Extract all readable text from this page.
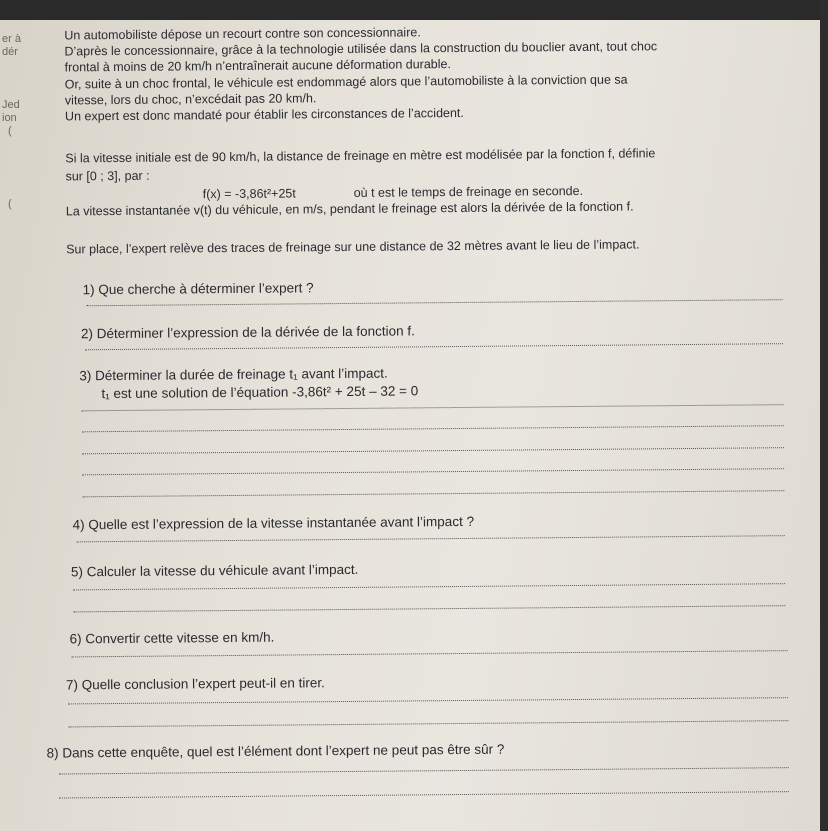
er à
dér
Jed
ion
(
(
Un automobiliste dépose un recourt contre son concessionnaire.
D’après le concessionnaire, grâce à la technologie utilisée dans la construction du bouclier avant, tout choc
frontal à moins de 20 km/h n’entraînerait aucune déformation durable.
Or, suite à un choc frontal, le véhicule est endommagé alors que l’automobiliste à la conviction que sa
vitesse, lors du choc, n’excédait pas 20 km/h.
Un expert est donc mandaté pour établir les circonstances de l’accident.
Si la vitesse initiale est de 90 km/h, la distance de freinage en mètre est modélisée par la fonction f, définie
sur [0 ; 3], par :
f(x) = -3,86t²+25t	où t est le temps de freinage en seconde.
La vitesse instantanée v(t) du véhicule, en m/s, pendant le freinage est alors la dérivée de la fonction f.
Sur place, l’expert relève des traces de freinage sur une distance de 32 mètres avant le lieu de l’impact.
1) Que cherche à déterminer l’expert ?
2) Déterminer l’expression de la dérivée de la fonction f.
3) Déterminer la durée de freinage t₁ avant l’impact.
t₁ est une solution de l’équation -3,86t² + 25t – 32 = 0
4) Quelle est l’expression de la vitesse instantanée avant l’impact ?
5) Calculer la vitesse du véhicule avant l’impact.
6) Convertir cette vitesse en km/h.
7) Quelle conclusion l’expert peut-il en tirer.
8) Dans cette enquête, quel est l’élément dont l’expert ne peut pas être sûr ?
